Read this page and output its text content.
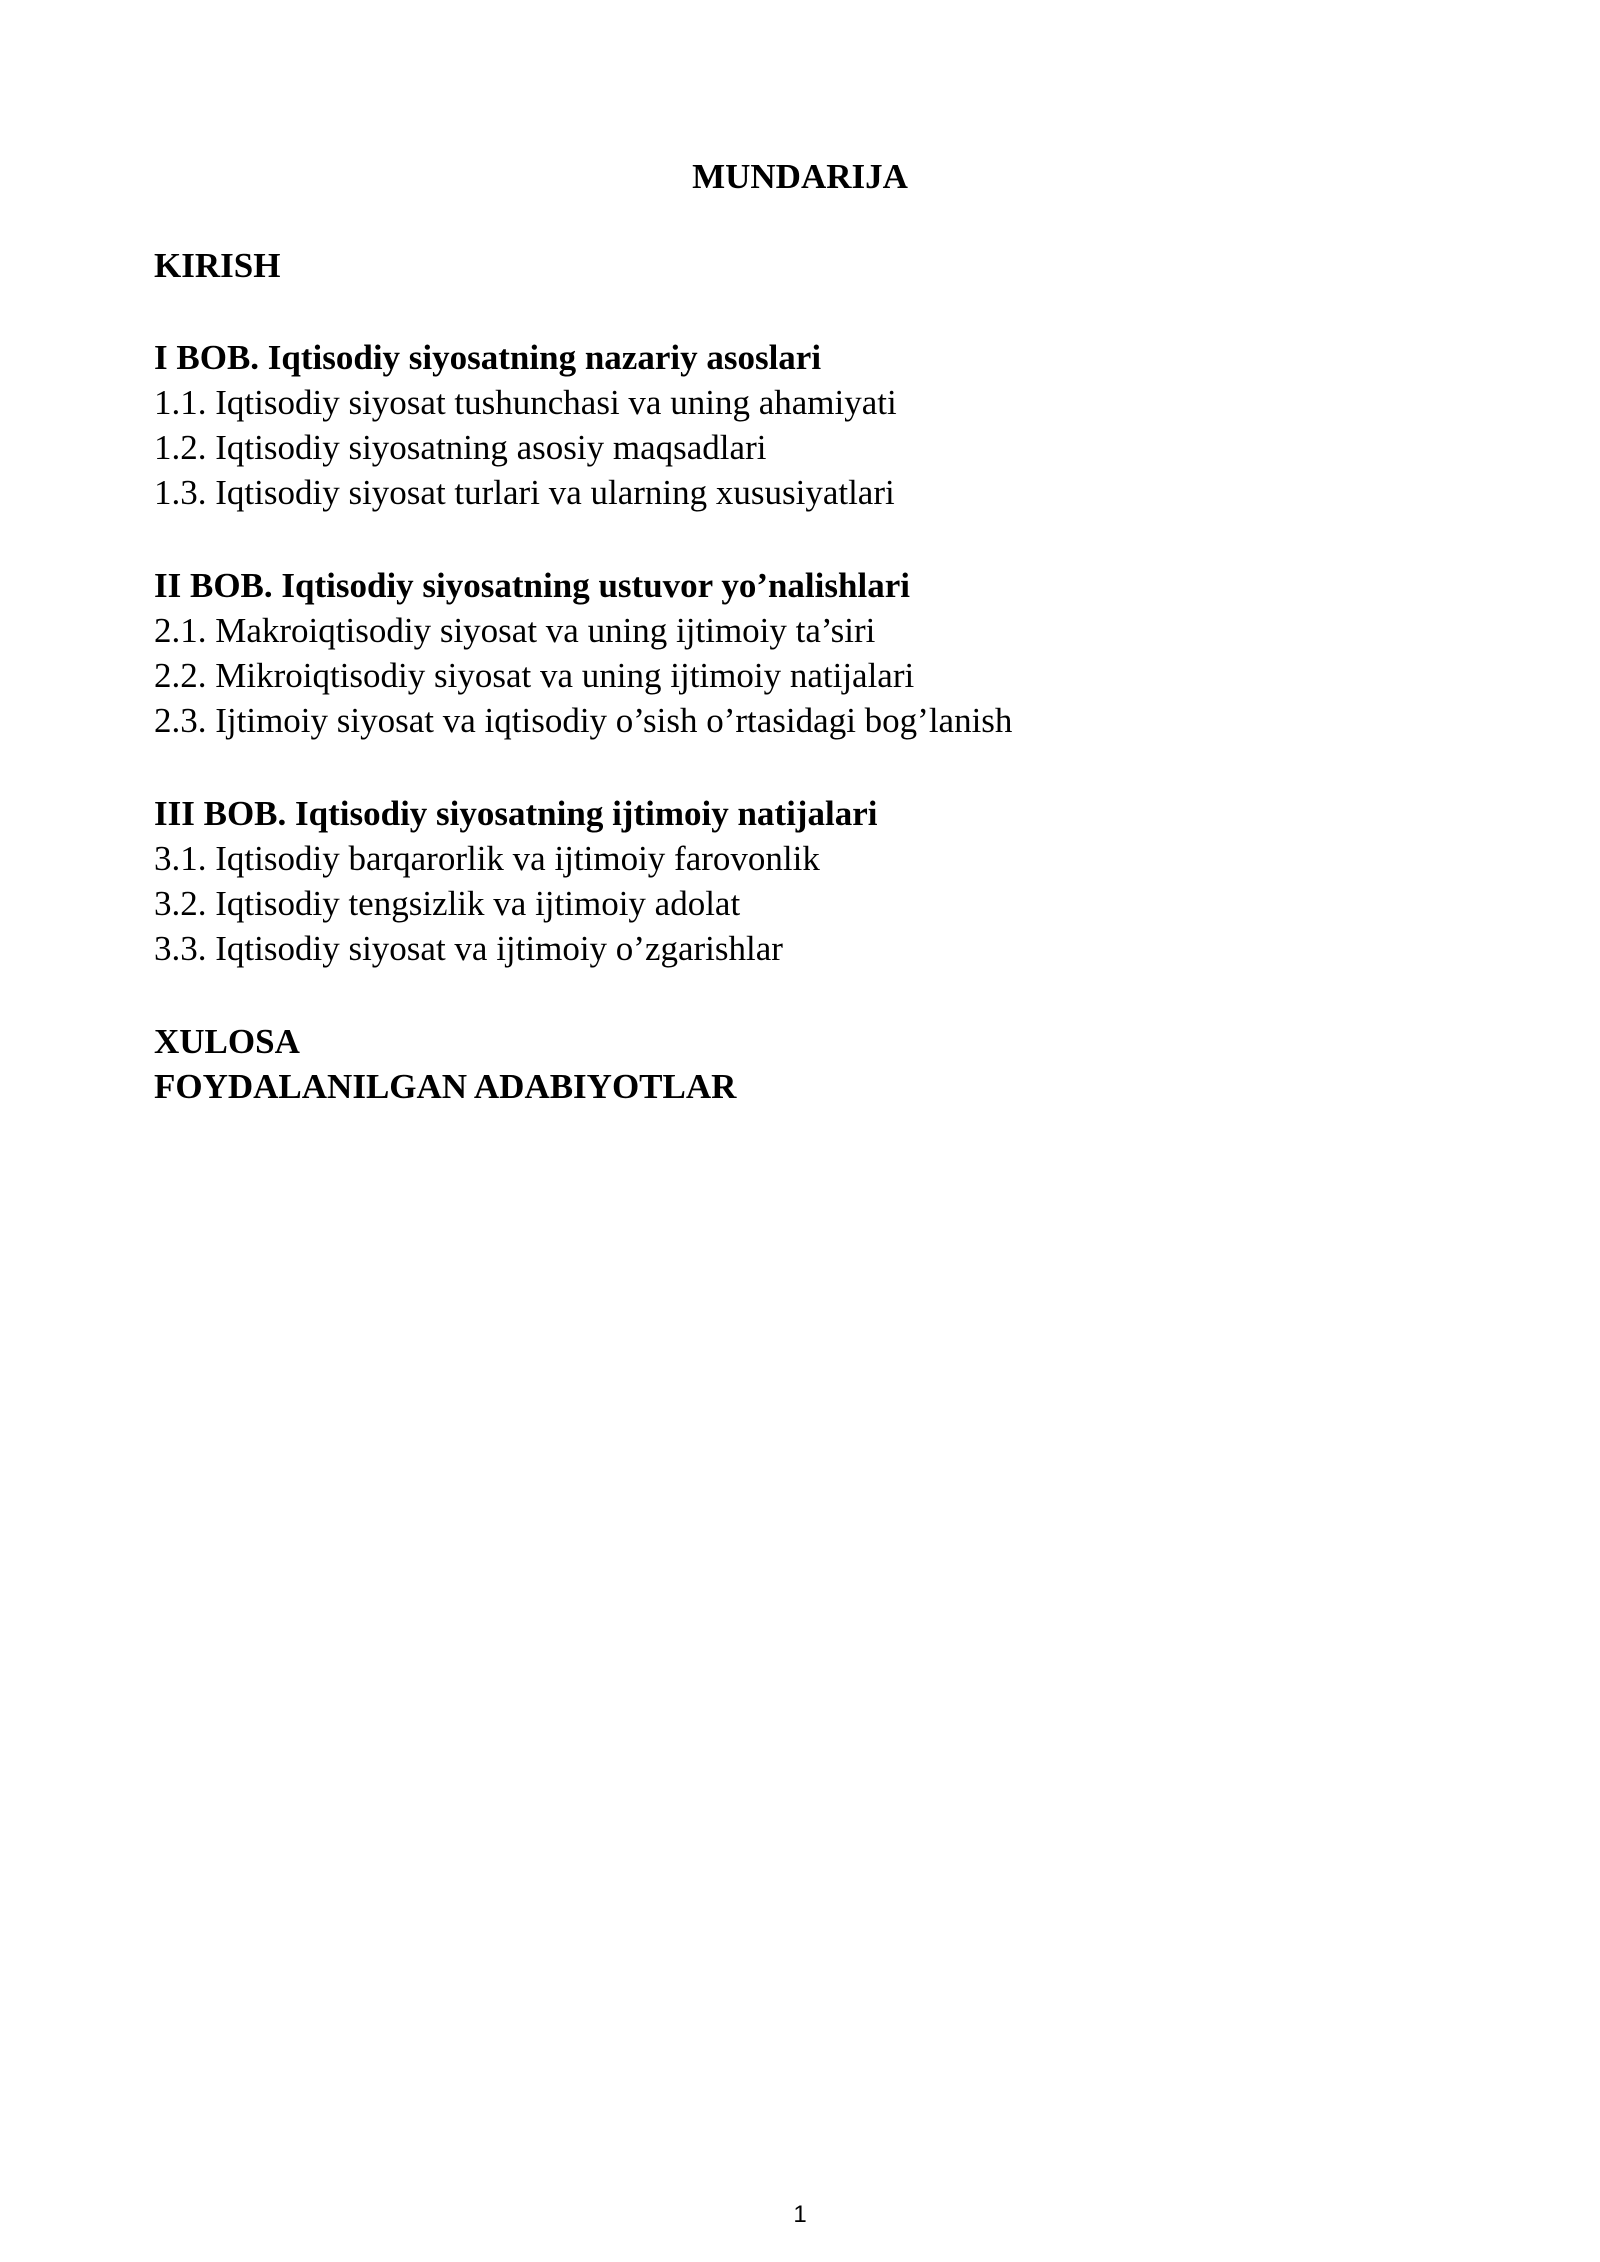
MUNDARIJA

KIRISH

I BOB. Iqtisodiy siyosatning nazariy asoslari

1.1. Iqtisodiy siyosat tushunchasi va uning ahamiyati

1.2. Iqtisodiy siyosatning asosiy maqsadlari

1.3. Iqtisodiy siyosat turlari va ularning xususiyatlari

II BOB. Iqtisodiy siyosatning ustuvor yo’nalishlari

2.1. Makroiqtisodiy siyosat va uning ijtimoiy ta’siri

2.2. Mikroiqtisodiy siyosat va uning ijtimoiy natijalari

2.3. Ijtimoiy siyosat va iqtisodiy o’sish o’rtasidagi bog’lanish

III BOB. Iqtisodiy siyosatning ijtimoiy natijalari

3.1. Iqtisodiy barqarorlik va ijtimoiy farovonlik

3.2. Iqtisodiy tengsizlik va ijtimoiy adolat

3.3. Iqtisodiy siyosat va ijtimoiy o’zgarishlar

XULOSA

FOYDALANILGAN ADABIYOTLAR

1
